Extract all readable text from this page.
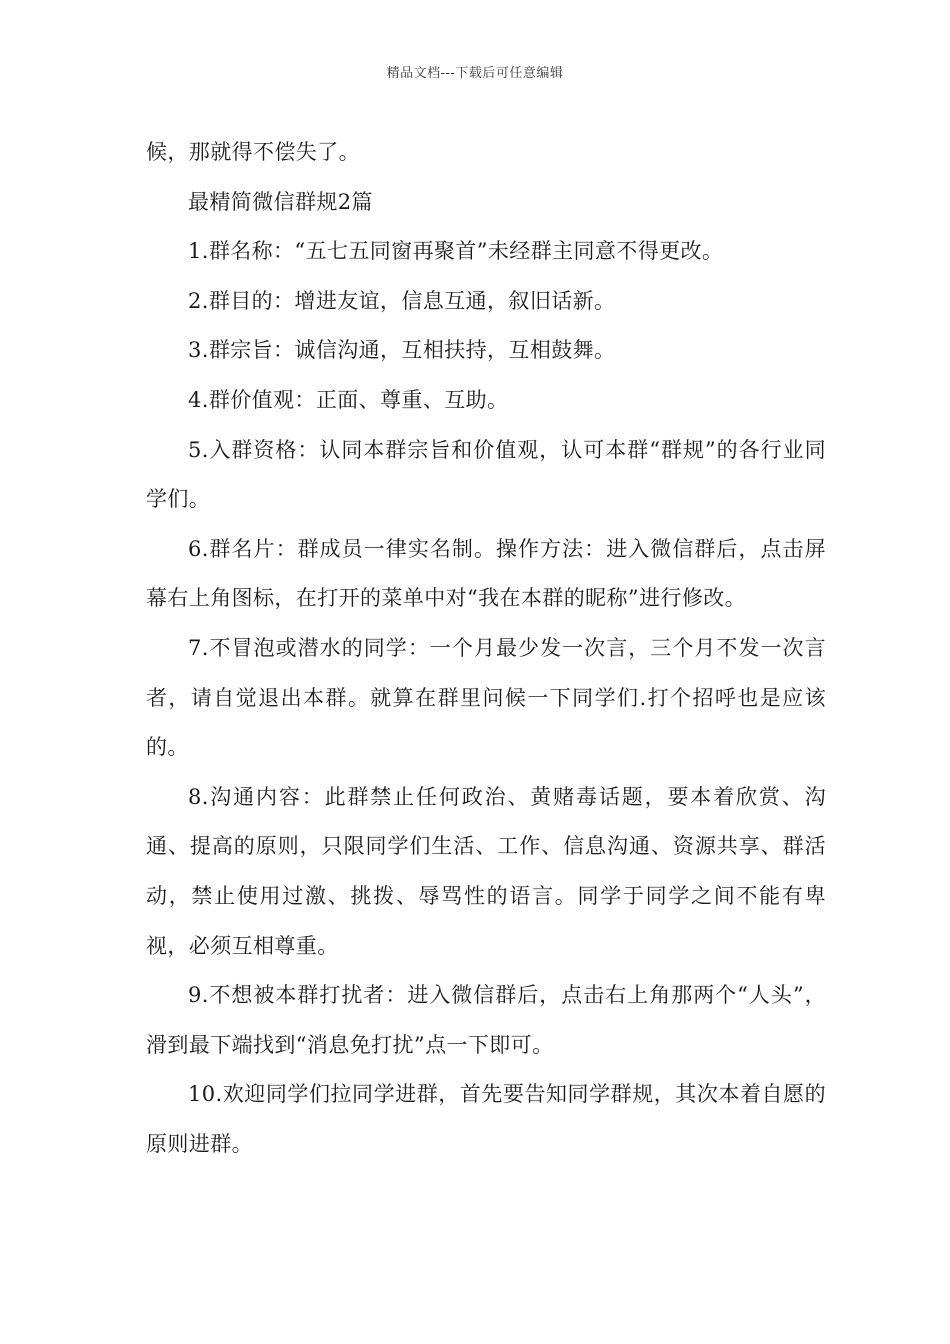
精品文档---下载后可任意编辑

候，那就得不偿失了。

最精简微信群规2篇

1.群名称：“五七五同窗再聚首”未经群主同意不得更改。

2.群目的：增进友谊，信息互通，叙旧话新。

3.群宗旨：诚信沟通，互相扶持，互相鼓舞。

4.群价值观：正面、尊重、互助。

5.入群资格：认同本群宗旨和价值观，认可本群“群规”的各行业同学们。

6.群名片：群成员一律实名制。操作方法：进入微信群后，点击屏幕右上角图标，在打开的菜单中对“我在本群的昵称”进行修改。

7.不冒泡或潜水的同学：一个月最少发一次言，三个月不发一次言者，请自觉退出本群。就算在群里问候一下同学们.打个招呼也是应该的。

8.沟通内容：此群禁止任何政治、黄赌毒话题，要本着欣赏、沟通、提高的原则，只限同学们生活、工作、信息沟通、资源共享、群活动，禁止使用过激、挑拨、辱骂性的语言。同学于同学之间不能有卑视，必须互相尊重。

9.不想被本群打扰者：进入微信群后，点击右上角那两个“人头”，滑到最下端找到“消息免打扰”点一下即可。

10.欢迎同学们拉同学进群，首先要告知同学群规，其次本着自愿的原则进群。
